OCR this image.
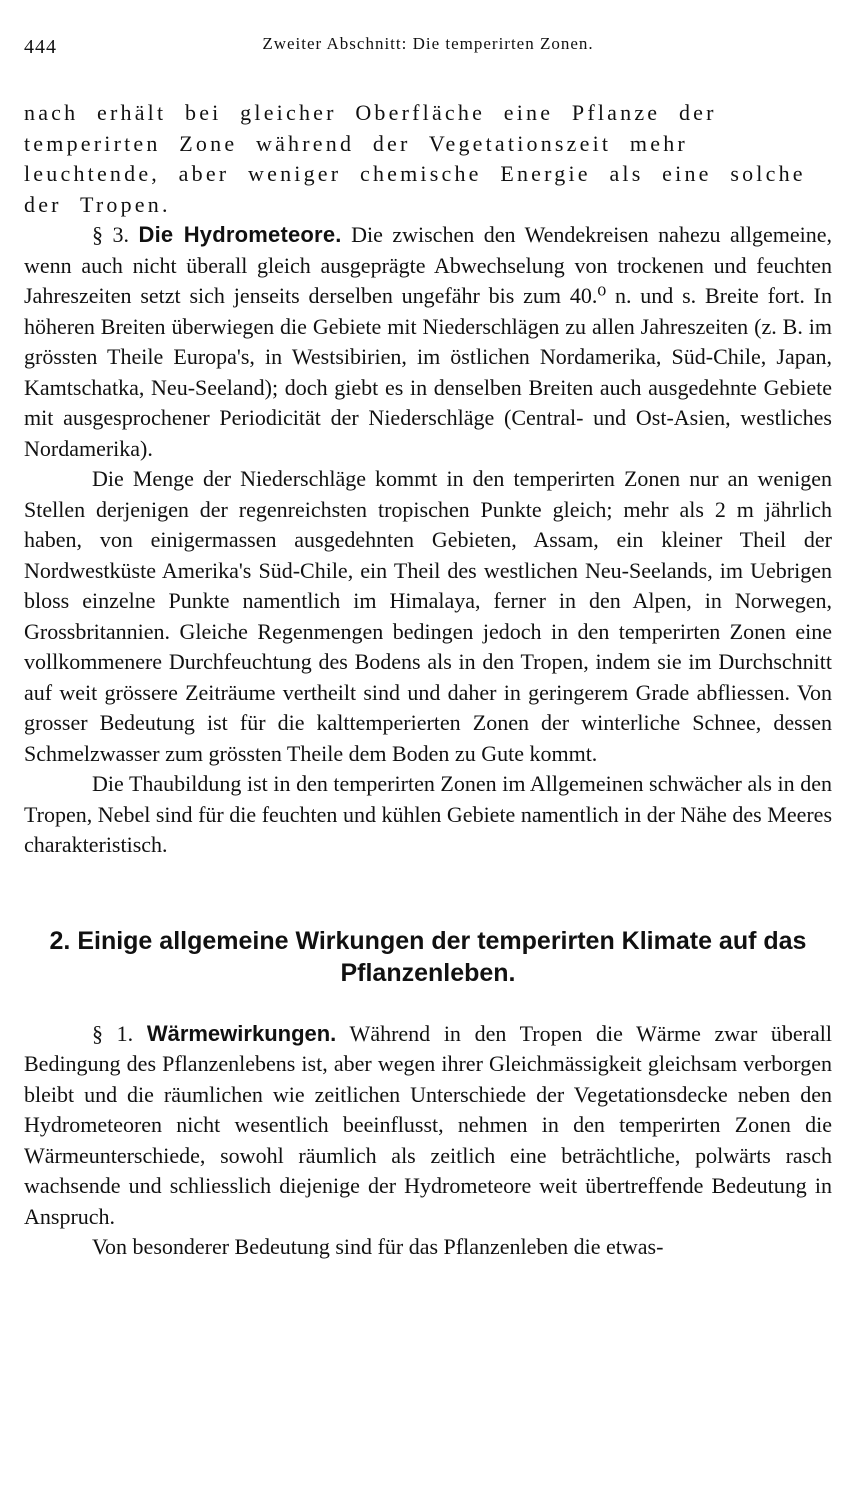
444	Zweiter Abschnitt: Die temperirten Zonen.

nach erhält bei gleicher Oberfläche eine Pflanze der temperirten Zone während der Vegetationszeit mehr leuchtende, aber weniger chemische Energie als eine solche der Tropen.

§ 3. Die Hydrometeore. Die zwischen den Wendekreisen nahezu allgemeine, wenn auch nicht überall gleich ausgeprägte Abwechselung von trockenen und feuchten Jahreszeiten setzt sich jenseits derselben ungefähr bis zum 40.⁰ n. und s. Breite fort. In höheren Breiten überwiegen die Gebiete mit Niederschlägen zu allen Jahreszeiten (z. B. im grössten Theile Europa's, in Westsibirien, im östlichen Nordamerika, Süd-Chile, Japan, Kamtschatka, Neu-Seeland); doch giebt es in denselben Breiten auch ausgedehnte Gebiete mit ausgesprochener Periodicität der Niederschläge (Central- und Ost-Asien, westliches Nordamerika).

Die Menge der Niederschläge kommt in den temperirten Zonen nur an wenigen Stellen derjenigen der regenreichsten tropischen Punkte gleich; mehr als 2 m jährlich haben, von einigermassen ausgedehnten Gebieten, Assam, ein kleiner Theil der Nordwestküste Amerika's Süd-Chile, ein Theil des westlichen Neu-Seelands, im Uebrigen bloss einzelne Punkte namentlich im Himalaya, ferner in den Alpen, in Norwegen, Grossbritannien. Gleiche Regenmengen bedingen jedoch in den temperirten Zonen eine vollkommenere Durchfeuchtung des Bodens als in den Tropen, indem sie im Durchschnitt auf weit grössere Zeiträume vertheilt sind und daher in geringerem Grade abfliessen. Von grosser Bedeutung ist für die kalttemperierten Zonen der winterliche Schnee, dessen Schmelzwasser zum grössten Theile dem Boden zu Gute kommt.

Die Thaubildung ist in den temperirten Zonen im Allgemeinen schwächer als in den Tropen, Nebel sind für die feuchten und kühlen Gebiete namentlich in der Nähe des Meeres charakteristisch.

2. Einige allgemeine Wirkungen der temperirten Klimate auf das Pflanzenleben.

§ 1. Wärmewirkungen. Während in den Tropen die Wärme zwar überall Bedingung des Pflanzenlebens ist, aber wegen ihrer Gleichmässigkeit gleichsam verborgen bleibt und die räumlichen wie zeitlichen Unterschiede der Vegetationsdecke neben den Hydrometeoren nicht wesentlich beeinflusst, nehmen in den temperirten Zonen die Wärmeunterschiede, sowohl räumlich als zeitlich eine beträchtliche, polwärts rasch wachsende und schliesslich diejenige der Hydrometeore weit übertreffende Bedeutung in Anspruch.

Von besonderer Bedeutung sind für das Pflanzenleben die etwas-
